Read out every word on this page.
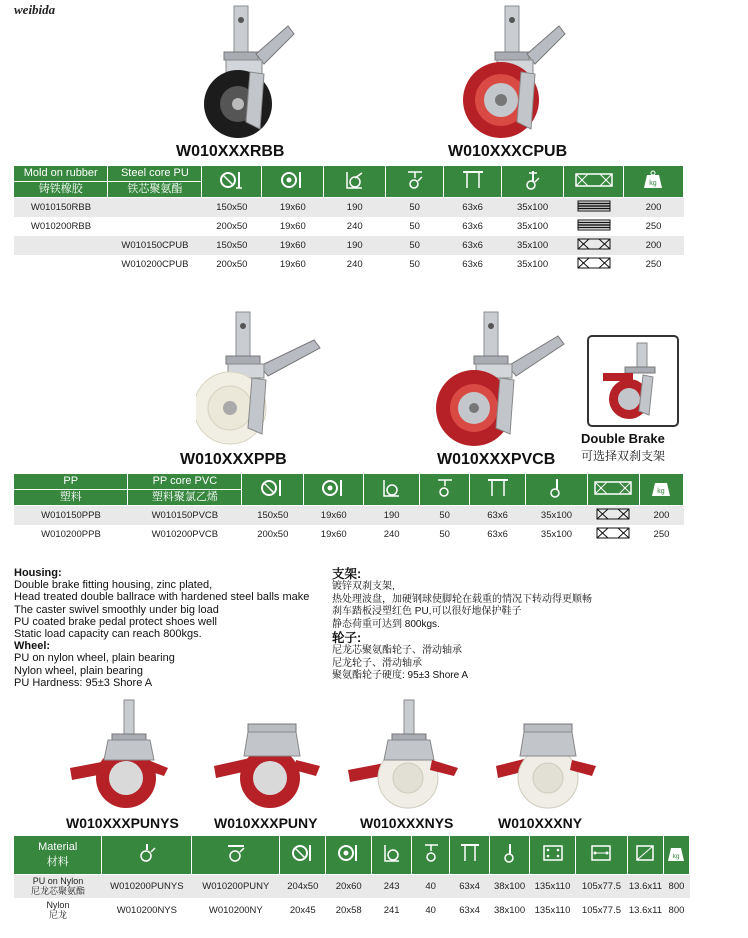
weibida
W010XXXRBB	W010XXXCPUB
Mold on rubber	Steel core PU								kg

铸铁橡胶	铁芯聚氨酯								
W010150RBB		150x50	19x60	190	50	63x6	35x100		200
W010200RBB		200x50	19x60	240	50	63x6	35x100		250
	W010150CPUB	150x50	19x60	190	50	63x6	35x100		200
	W010200CPUB	200x50	19x60	240	50	63x6	35x100		250
W010XXXPPB	W010XXXPVCB
Double Brake
可选择双刹支架
PP	PP core PVC								kg

塑料	塑料聚氯乙烯								
W010150PPB	W010150PVCB	150x50	19x60	190	50	63x6	35x100		200
W010200PPB	W010200PVCB	200x50	19x60	240	50	63x6	35x100		250
Housing:
Double brake fitting housing, zinc plated,
Head treated double ballrace with hardened steel balls make
The caster swivel smoothly under big load
PU coated brake pedal protect shoes well
Static load capacity can reach 800kgs.
Wheel:
PU on nylon wheel, plain bearing
Nylon wheel, plain bearing
PU Hardness: 95±3 Shore A
支架:
镀锌双刹支架,
热处理波盘，加硬钢球使脚轮在载重的情况下转动得更顺畅
刹车踏板浸塑红色 PU,可以很好地保护鞋子
静态荷重可达到 800kgs.
轮子:
尼龙芯聚氨酯轮子、滑动轴承
尼龙轮子、滑动轴承
聚氨酯轮子硬度: 95±3 Shore A
W010XXXPUNYS	W010XXXPUNY	W010XXXNYS	W010XXXNY
Material
材料												kg

PU on Nylon
尼龙芯聚氨酯	W010200PUNYS	W010200PUNY	204x50	20x60	243	40	63x4	38x100	135x110	105x77.5	13.6x11	800

Nylon
尼龙	W010200NYS	W010200NY	20x45	20x58	241	40	63x4	38x100	135x110	105x77.5	13.6x11	800
